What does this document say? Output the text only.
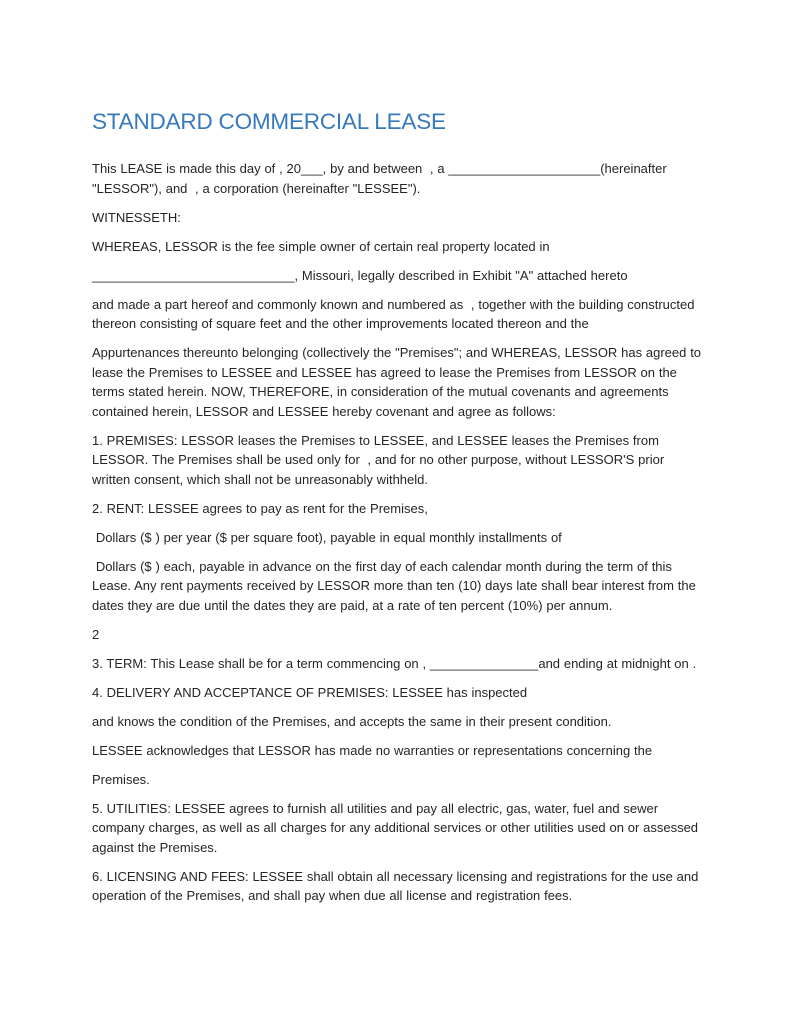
STANDARD COMMERCIAL LEASE

This LEASE is made this day of , 20___, by and between  , a _____________________(hereinafter "LESSOR"), and  , a corporation (hereinafter "LESSEE").

WITNESSETH:

WHEREAS, LESSOR is the fee simple owner of certain real property located in

____________________________, Missouri, legally described in Exhibit "A" attached hereto

and made a part hereof and commonly known and numbered as  , together with the building constructed thereon consisting of square feet and the other improvements located thereon and the

Appurtenances thereunto belonging (collectively the "Premises"; and WHEREAS, LESSOR has agreed to lease the Premises to LESSEE and LESSEE has agreed to lease the Premises from LESSOR on the terms stated herein. NOW, THEREFORE, in consideration of the mutual covenants and agreements contained herein, LESSOR and LESSEE hereby covenant and agree as follows:

1. PREMISES: LESSOR leases the Premises to LESSEE, and LESSEE leases the Premises from LESSOR. The Premises shall be used only for  , and for no other purpose, without LESSOR'S prior written consent, which shall not be unreasonably withheld.

2. RENT: LESSEE agrees to pay as rent for the Premises,

Dollars ($ ) per year ($ per square foot), payable in equal monthly installments of

Dollars ($ ) each, payable in advance on the first day of each calendar month during the term of this Lease. Any rent payments received by LESSOR more than ten (10) days late shall bear interest from the dates they are due until the dates they are paid, at a rate of ten percent (10%) per annum.

2

3. TERM: This Lease shall be for a term commencing on , _______________and ending at midnight on .

4. DELIVERY AND ACCEPTANCE OF PREMISES: LESSEE has inspected

and knows the condition of the Premises, and accepts the same in their present condition.

LESSEE acknowledges that LESSOR has made no warranties or representations concerning the

Premises.

5. UTILITIES: LESSEE agrees to furnish all utilities and pay all electric, gas, water, fuel and sewer company charges, as well as all charges for any additional services or other utilities used on or assessed against the Premises.

6. LICENSING AND FEES: LESSEE shall obtain all necessary licensing and registrations for the use and operation of the Premises, and shall pay when due all license and registration fees.
